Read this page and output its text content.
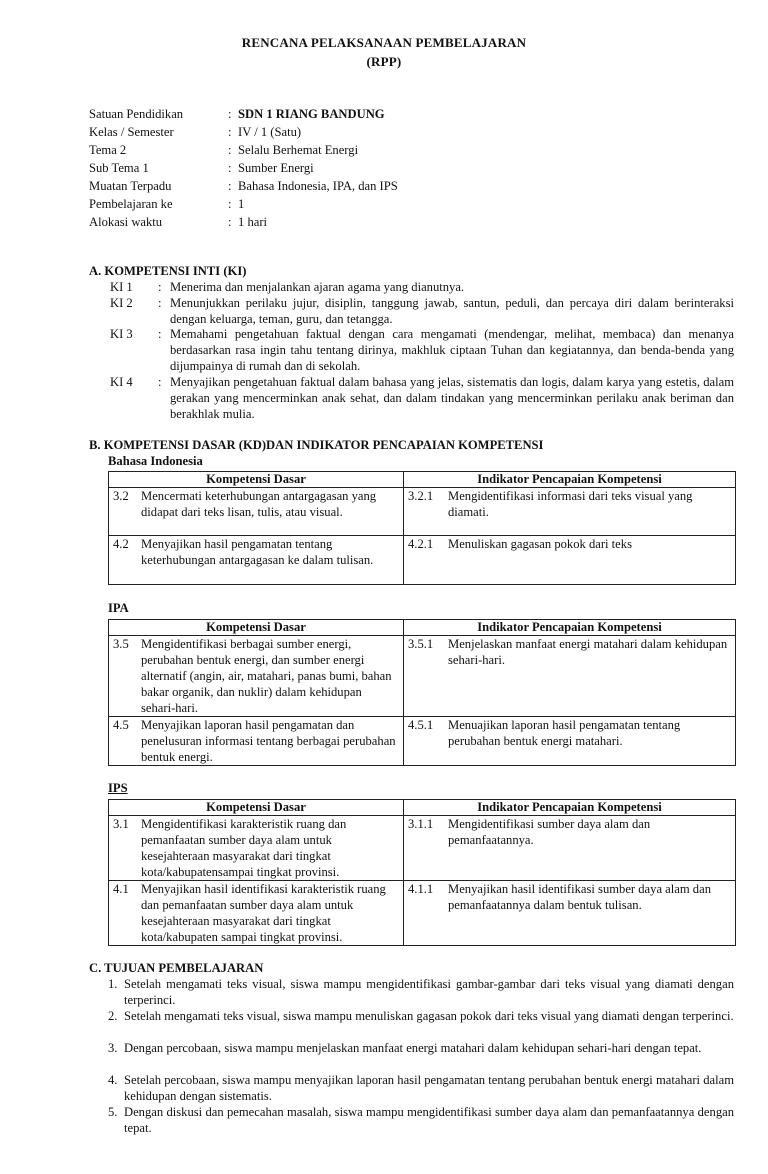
RENCANA PELAKSANAAN PEMBELAJARAN
(RPP)
Satuan Pendidikan	: SDN 1 RIANG BANDUNG
Kelas / Semester	: IV / 1 (Satu)
Tema 2	: Selalu Berhemat Energi
Sub Tema 1	: Sumber Energi
Muatan Terpadu	: Bahasa Indonesia, IPA, dan IPS
Pembelajaran ke	: 1
Alokasi waktu	: 1 hari
A. KOMPETENSI INTI (KI)
KI 1 : Menerima dan menjalankan ajaran agama yang dianutnya.
KI 2 : Menunjukkan perilaku jujur, disiplin, tanggung jawab, santun, peduli, dan percaya diri dalam berinteraksi dengan keluarga, teman, guru, dan tetangga.
KI 3 : Memahami pengetahuan faktual dengan cara mengamati (mendengar, melihat, membaca) dan menanya berdasarkan rasa ingin tahu tentang dirinya, makhluk ciptaan Tuhan dan kegiatannya, dan benda-benda yang dijumpainya di rumah dan di sekolah.
KI 4 : Menyajikan pengetahuan faktual dalam bahasa yang jelas, sistematis dan logis, dalam karya yang estetis, dalam gerakan yang mencerminkan anak sehat, dan dalam tindakan yang mencerminkan perilaku anak beriman dan berakhlak mulia.
B. KOMPETENSI DASAR (KD)DAN INDIKATOR PENCAPAIAN KOMPETENSI
Bahasa Indonesia
Kompetensi Dasar	Indikator Pencapaian Kompetensi

3.2 Mencermati keterhubungan antargagasan yang didapat dari teks lisan, tulis, atau visual.	3.2.1 Mengidentifikasi informasi dari teks visual yang diamati.

4.2 Menyajikan hasil pengamatan tentang keterhubungan antargagasan ke dalam tulisan.	4.2.1 Menuliskan gagasan pokok dari teks
IPA
Kompetensi Dasar	Indikator Pencapaian Kompetensi

3.5 Mengidentifikasi berbagai sumber energi, perubahan bentuk energi, dan sumber energi alternatif (angin, air, matahari, panas bumi, bahan bakar organik, dan nuklir) dalam kehidupan sehari-hari.	3.5.1 Menjelaskan manfaat energi matahari dalam kehidupan sehari-hari.

4.5 Menyajikan laporan hasil pengamatan dan penelusuran informasi tentang berbagai perubahan bentuk energi.	4.5.1 Menuajikan laporan hasil pengamatan tentang perubahan bentuk energi matahari.
IPS
Kompetensi Dasar	Indikator Pencapaian Kompetensi

3.1 Mengidentifikasi karakteristik ruang dan pemanfaatan sumber daya alam untuk kesejahteraan masyarakat dari tingkat kota/kabupatensampai tingkat provinsi.	3.1.1 Mengidentifikasi sumber daya alam dan pemanfaatannya.

4.1 Menyajikan hasil identifikasi karakteristik ruang dan pemanfaatan sumber daya alam untuk kesejahteraan masyarakat dari tingkat kota/kabupaten sampai tingkat provinsi.	4.1.1 Menyajikan hasil identifikasi sumber daya alam dan pemanfaatannya dalam bentuk tulisan.
C. TUJUAN PEMBELAJARAN
1. Setelah mengamati teks visual, siswa mampu mengidentifikasi gambar-gambar dari teks visual yang diamati dengan terperinci.
2. Setelah mengamati teks visual, siswa mampu menuliskan gagasan pokok dari teks visual yang diamati dengan terperinci.
3. Dengan percobaan, siswa mampu menjelaskan manfaat energi matahari dalam kehidupan sehari-hari dengan tepat.
4. Setelah percobaan, siswa mampu menyajikan laporan hasil pengamatan tentang perubahan bentuk energi matahari dalam kehidupan dengan sistematis.
5. Dengan diskusi dan pemecahan masalah, siswa mampu mengidentifikasi sumber daya alam dan pemanfaatannya dengan tepat.
